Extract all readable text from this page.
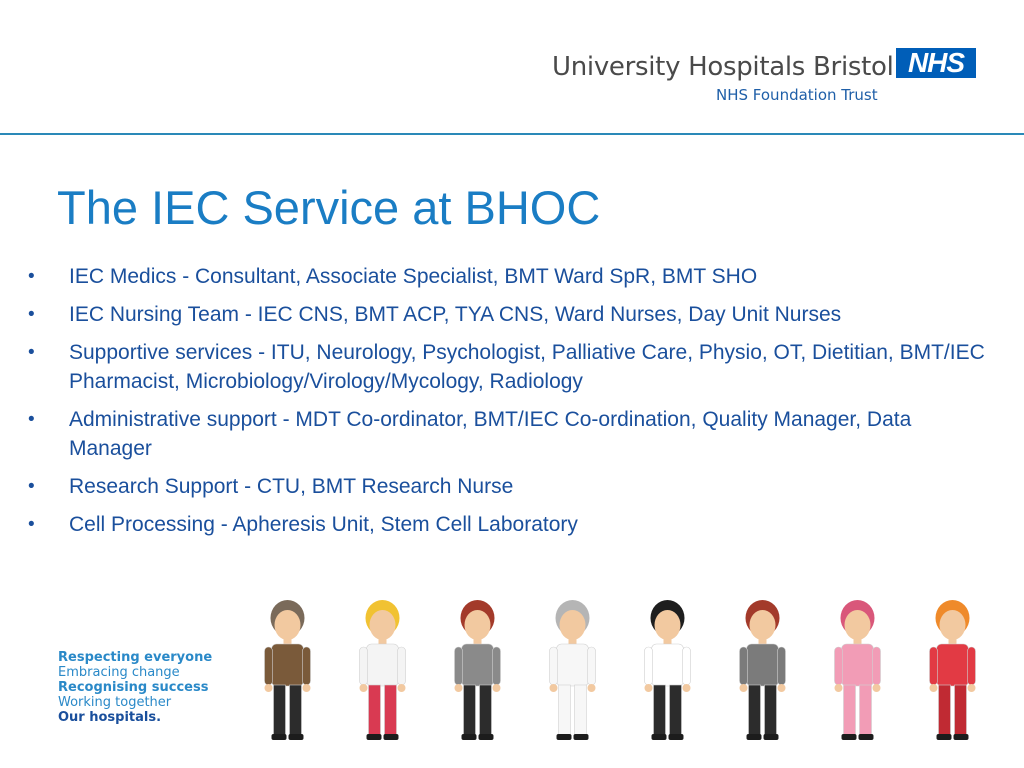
University Hospitals Bristol
NHS Foundation Trust
NHS
The IEC Service at BHOC
• IEC Medics - Consultant, Associate Specialist, BMT Ward SpR, BMT SHO
• IEC Nursing Team - IEC CNS, BMT ACP, TYA CNS, Ward Nurses, Day Unit Nurses
• Supportive services - ITU, Neurology, Psychologist, Palliative Care, Physio, OT, Dietitian, BMT/IEC Pharmacist, Microbiology/Virology/Mycology, Radiology
• Administrative support - MDT Co-ordinator, BMT/IEC Co-ordination, Quality Manager, Data Manager
• Research Support - CTU, BMT Research Nurse
• Cell Processing - Apheresis Unit, Stem Cell Laboratory
Respecting everyone
Embracing change
Recognising success
Working together
Our hospitals.
